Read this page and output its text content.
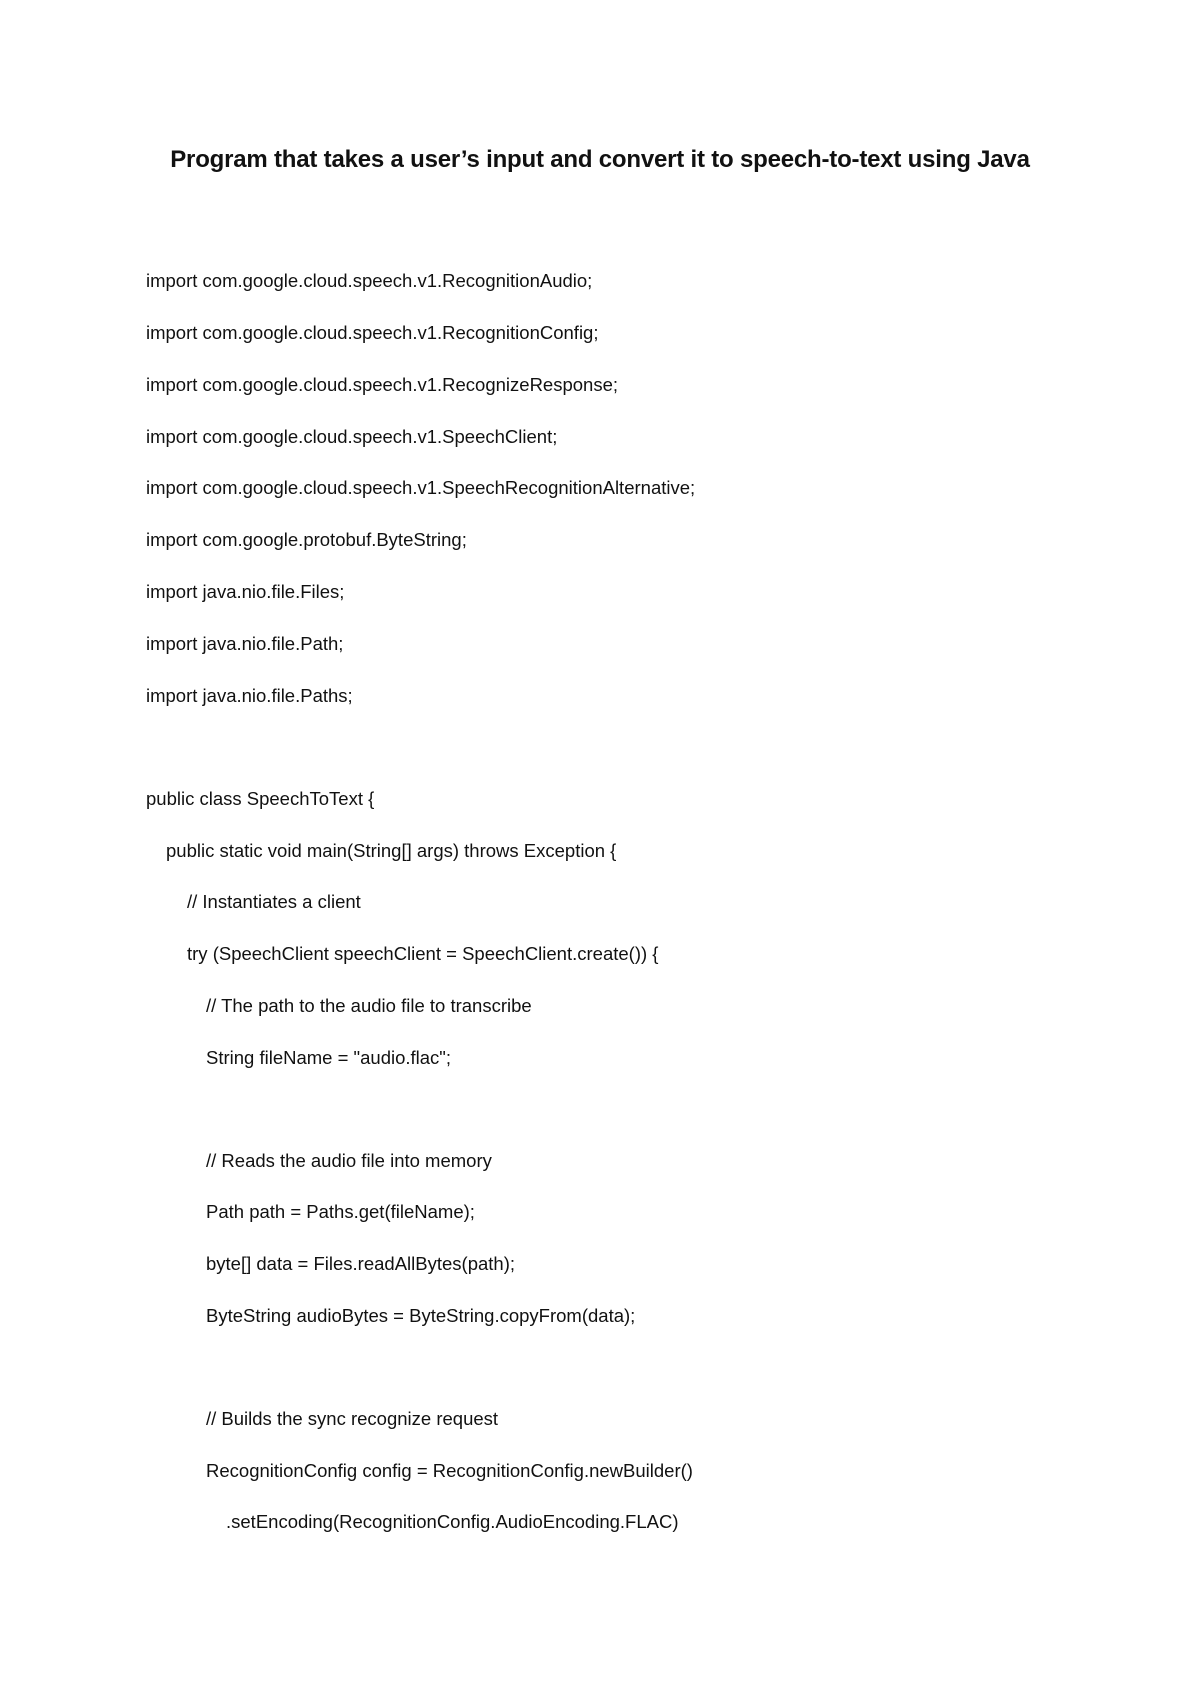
Program that takes a user’s input and convert it to speech-to-text using Java
import com.google.cloud.speech.v1.RecognitionAudio;
import com.google.cloud.speech.v1.RecognitionConfig;
import com.google.cloud.speech.v1.RecognizeResponse;
import com.google.cloud.speech.v1.SpeechClient;
import com.google.cloud.speech.v1.SpeechRecognitionAlternative;
import com.google.protobuf.ByteString;
import java.nio.file.Files;
import java.nio.file.Path;
import java.nio.file.Paths;
public class SpeechToText {
public static void main(String[] args) throws Exception {
// Instantiates a client
try (SpeechClient speechClient = SpeechClient.create()) {
// The path to the audio file to transcribe
String fileName = "audio.flac";
// Reads the audio file into memory
Path path = Paths.get(fileName);
byte[] data = Files.readAllBytes(path);
ByteString audioBytes = ByteString.copyFrom(data);
// Builds the sync recognize request
RecognitionConfig config = RecognitionConfig.newBuilder()
.setEncoding(RecognitionConfig.AudioEncoding.FLAC)
